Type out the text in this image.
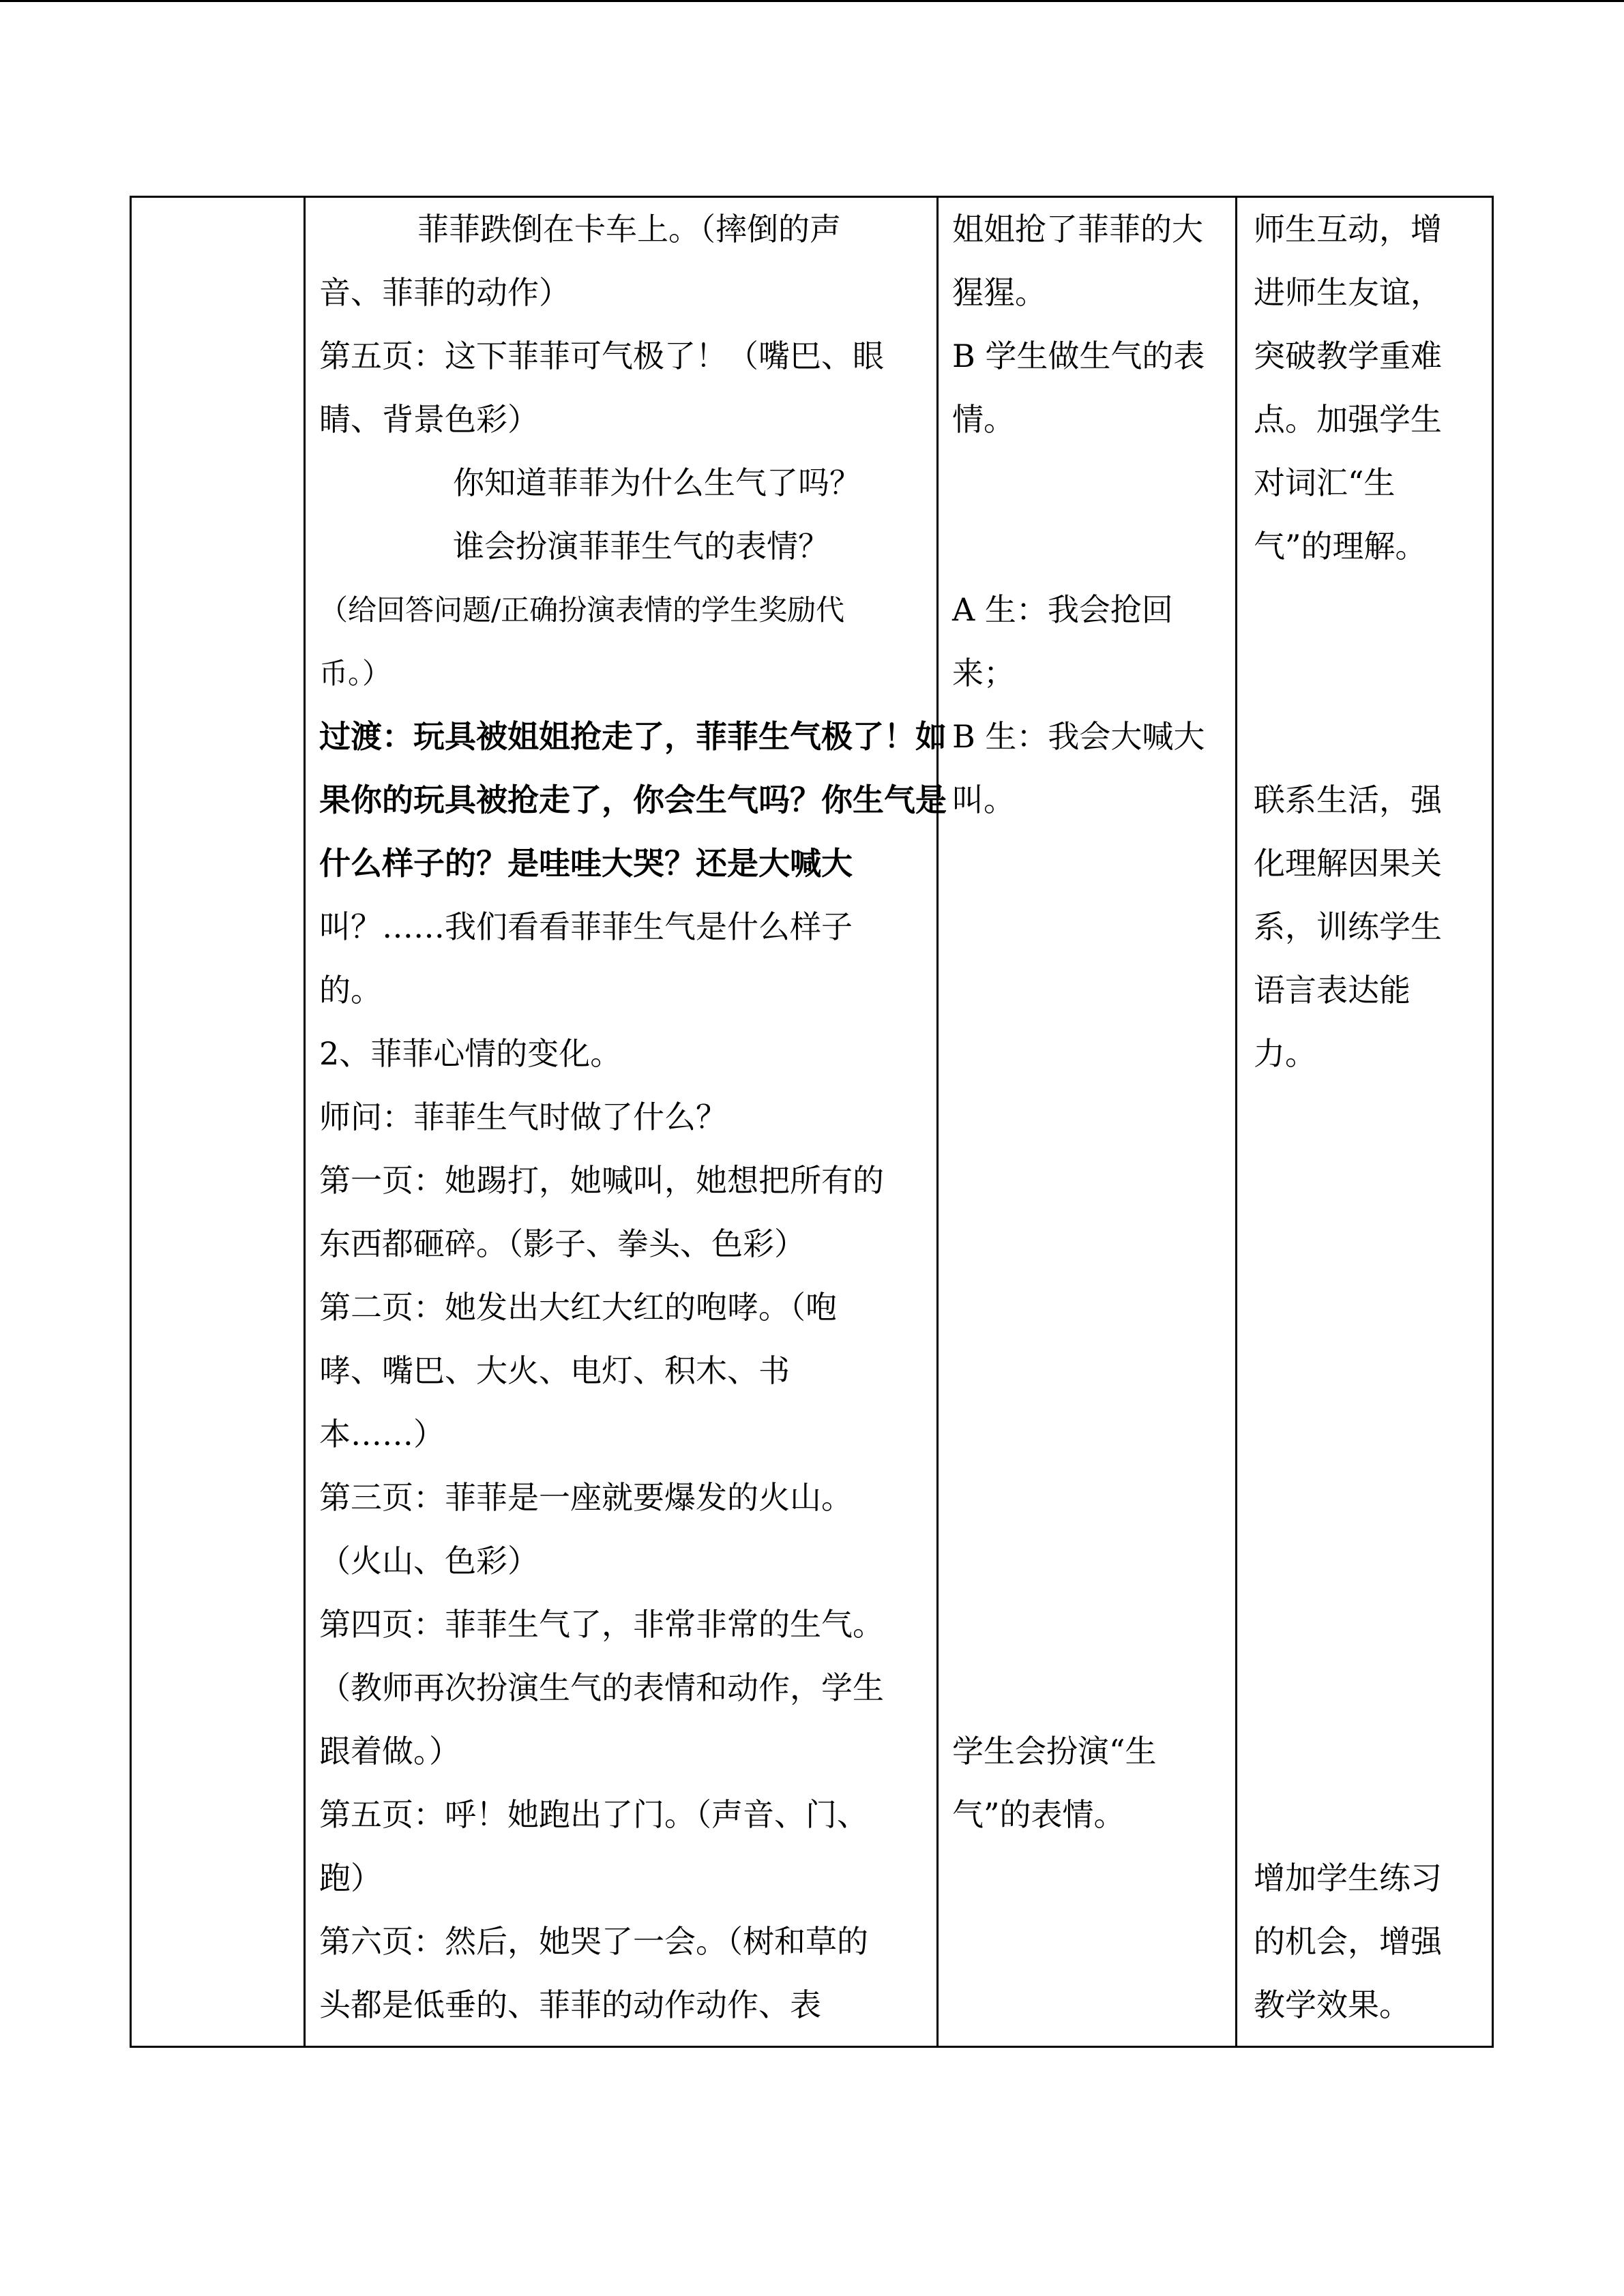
菲菲跌倒在卡车上。（摔倒的声
音、菲菲的动作）
第五页：这下菲菲可气极了！（嘴巴、眼
睛、背景色彩）
你知道菲菲为什么生气了吗？
谁会扮演菲菲生气的表情？
（给回答问题/正确扮演表情的学生奖励代
币。）
过渡：玩具被姐姐抢走了，菲菲生气极了！如
果你的玩具被抢走了，你会生气吗？你生气是
什么样子的？是哇哇大哭？还是大喊大
叫？……我们看看菲菲生气是什么样子
的。
2、菲菲心情的变化。
师问：菲菲生气时做了什么？
第一页：她踢打，她喊叫，她想把所有的
东西都砸碎。（影子、拳头、色彩）
第二页：她发出大红大红的咆哮。（咆
哮、嘴巴、大火、电灯、积木、书
本……）
第三页：菲菲是一座就要爆发的火山。
（火山、色彩）
第四页：菲菲生气了，非常非常的生气。
（教师再次扮演生气的表情和动作，学生
跟着做。）
第五页：呼！她跑出了门。（声音、门、
跑）
第六页：然后，她哭了一会。（树和草的
头都是低垂的、菲菲的动作动作、表

姐姐抢了菲菲的大
猩猩。
B 学生做生气的表
情。
A 生：我会抢回
来；
B 生：我会大喊大
叫。
学生会扮演“生
气”的表情。

师生互动，增
进师生友谊，
突破教学重难
点。加强学生
对词汇“生
气”的理解。
联系生活，强
化理解因果关
系，训练学生
语言表达能
力。
增加学生练习
的机会，增强
教学效果。
